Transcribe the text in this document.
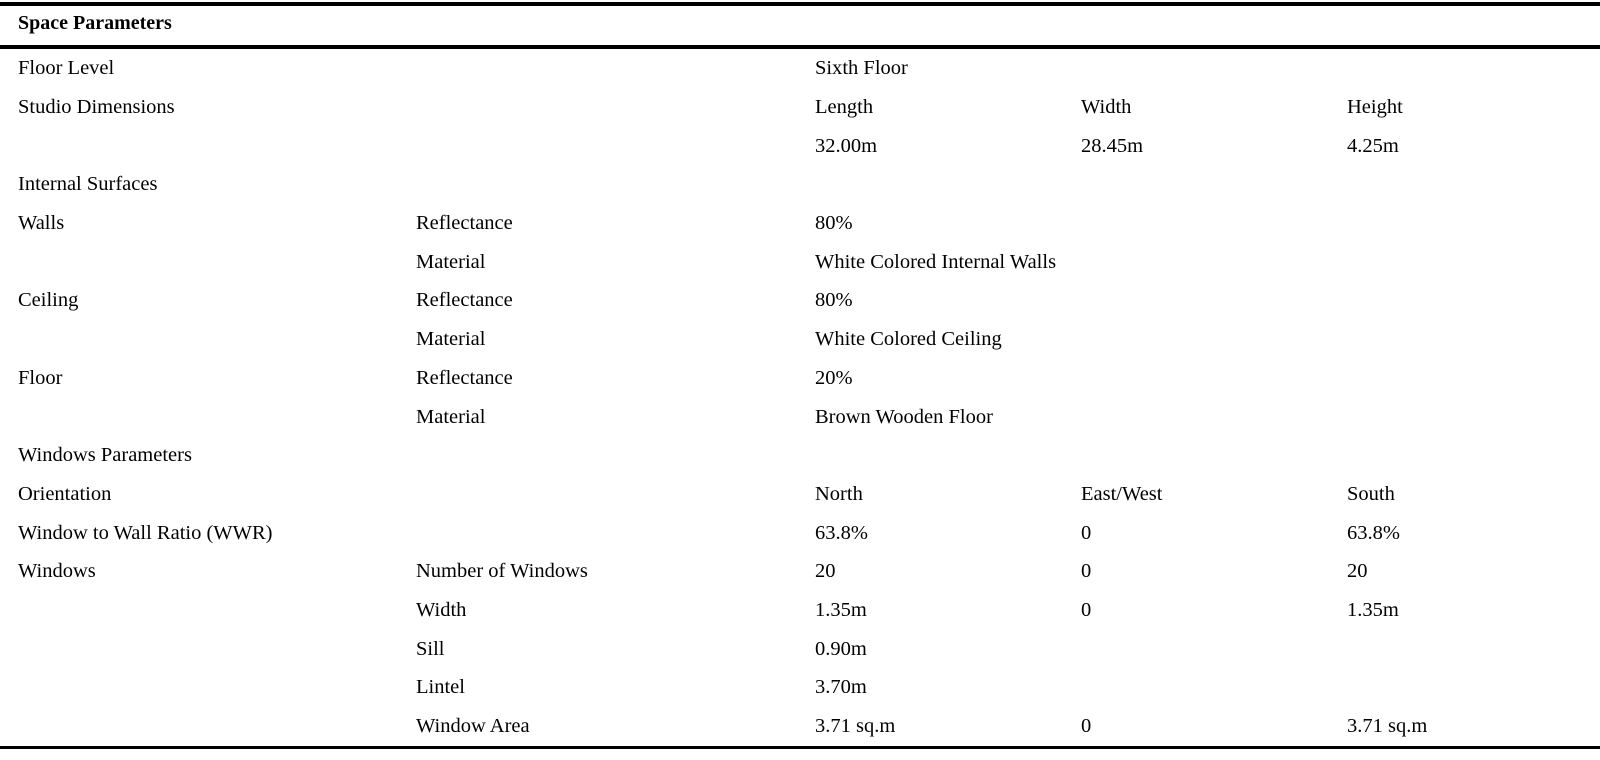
Space Parameters
Floor Level		Sixth Floor		
Studio Dimensions		Length	Width	Height
		32.00m	28.45m	4.25m
Internal Surfaces				
Walls	Reflectance	80%		
	Material	White Colored Internal Walls		
Ceiling	Reflectance	80%		
	Material	White Colored Ceiling		
Floor	Reflectance	20%		
	Material	Brown Wooden Floor		
Windows Parameters				
Orientation		North	East/West	South
Window to Wall Ratio (WWR)		63.8%	0	63.8%
Windows	Number of Windows	20	0	20
	Width	1.35m	0	1.35m
	Sill	0.90m		
	Lintel	3.70m		
	Window Area	3.71 sq.m	0	3.71 sq.m
